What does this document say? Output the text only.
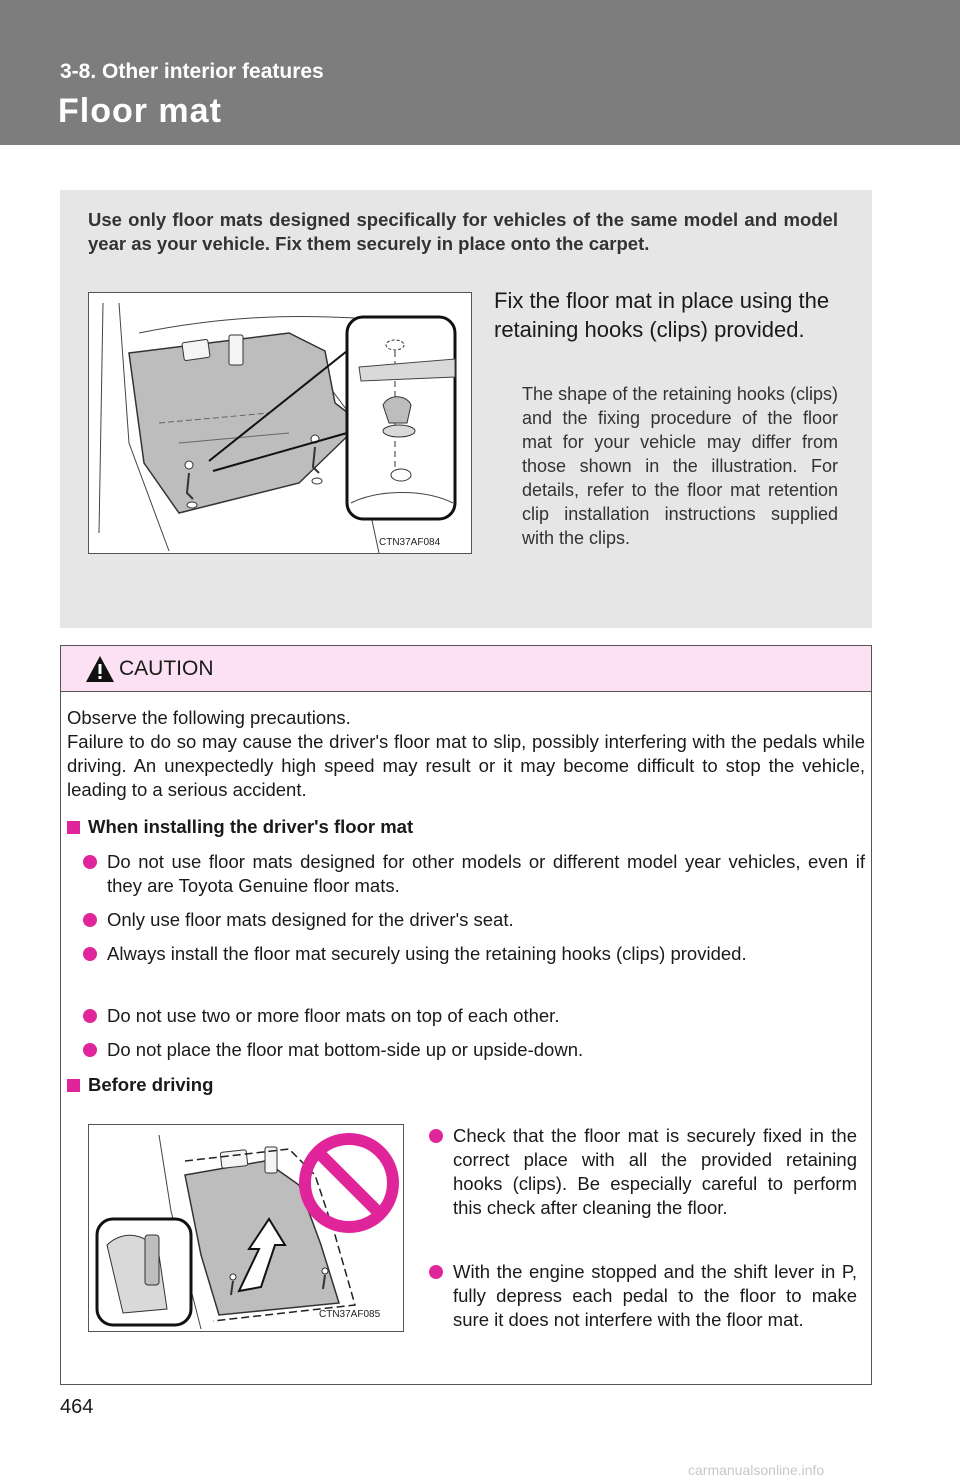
3-8. Other interior features
Floor mat
Use only floor mats designed specifically for vehicles of the same model and model year as your vehicle. Fix them securely in place onto the carpet.
CTN37AF084
Fix the floor mat in place using the retaining hooks (clips) provided.
The shape of the retaining hooks (clips) and the fixing procedure of the floor mat for your vehicle may differ from those shown in the illustration. For details, refer to the floor mat retention clip installation instructions supplied with the clips.
CAUTION
Observe the following precautions.
Failure to do so may cause the driver's floor mat to slip, possibly interfering with the pedals while driving. An unexpectedly high speed may result or it may become difficult to stop the vehicle, leading to a serious accident.
When installing the driver's floor mat
Do not use floor mats designed for other models or different model year vehicles, even if they are Toyota Genuine floor mats.
Only use floor mats designed for the driver's seat.
Always install the floor mat securely using the retaining hooks (clips) provided.
Do not use two or more floor mats on top of each other.
Do not place the floor mat bottom-side up or upside-down.
Before driving
CTN37AF085
Check that the floor mat is securely fixed in the correct place with all the provided retaining hooks (clips). Be especially careful to perform this check after cleaning the floor.
With the engine stopped and the shift lever in P, fully depress each pedal to the floor to make sure it does not interfere with the floor mat.
464
carmanualsonline.info
